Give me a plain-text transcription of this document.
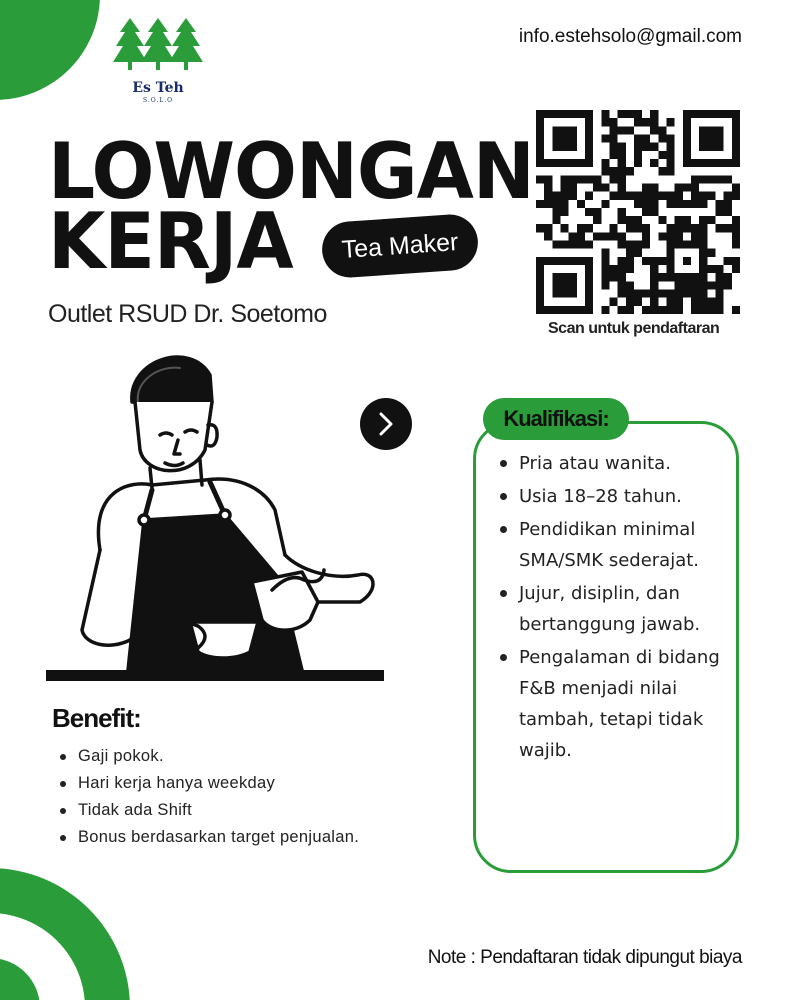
Es Teh
S.O.L.O
info.estehsolo@gmail.com
LOWONGAN
KERJA	Tea Maker
Outlet RSUD Dr. Soetomo
Scan untuk pendaftaran
Benefit:
Gaji pokok.
Hari kerja hanya weekday
Tidak ada Shift
Bonus berdasarkan target penjualan.
Kualifikasi:
Pria atau wanita.
Usia 18–28 tahun.
Pendidikan minimal SMA/SMK sederajat.
Jujur, disiplin, dan bertanggung jawab.
Pengalaman di bidang F&B menjadi nilai tambah, tetapi tidak wajib.
Note : Pendaftaran tidak dipungut biaya
